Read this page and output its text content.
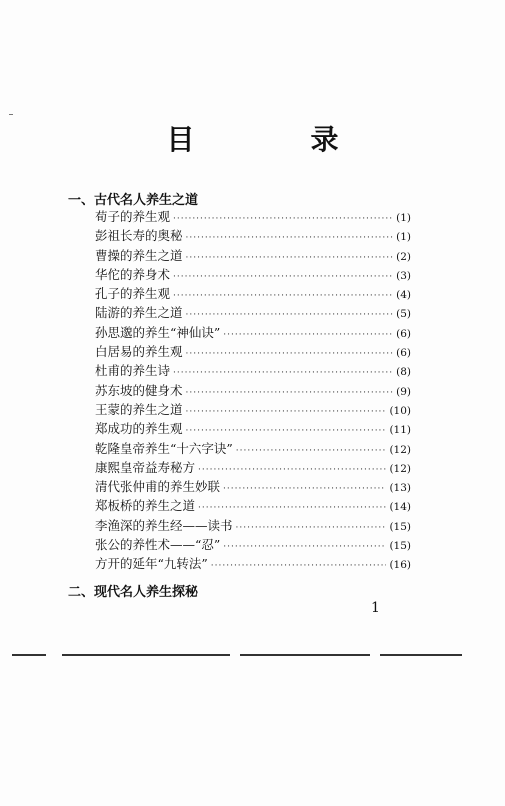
目　录
一、古代名人养生之道
荀子的养生观 ·····	(1)
彭祖长寿的奥秘 ·····	(1)
曹操的养生之道 ·····	(2)
华佗的养身术 ·····	(3)
孔子的养生观 ·····	(4)
陆游的养生之道 ·····	(5)
孙思邈的养生“神仙诀” ·····	(6)
白居易的养生观 ·····	(6)
杜甫的养生诗 ·····	(8)
苏东坡的健身术 ·····	(9)
王蒙的养生之道 ·····	(10)
郑成功的养生观 ·····	(11)
乾隆皇帝养生“十六字诀” ·····	(12)
康熙皇帝益寿秘方 ·····	(12)
清代张仲甫的养生妙联 ·····	(13)
郑板桥的养生之道 ·····	(14)
李渔深的养生经——读书 ·····	(15)
张公的养性术——“忍” ·····	(15)
方开的延年“九转法” ·····	(16)
二、现代名人养生探秘
1
